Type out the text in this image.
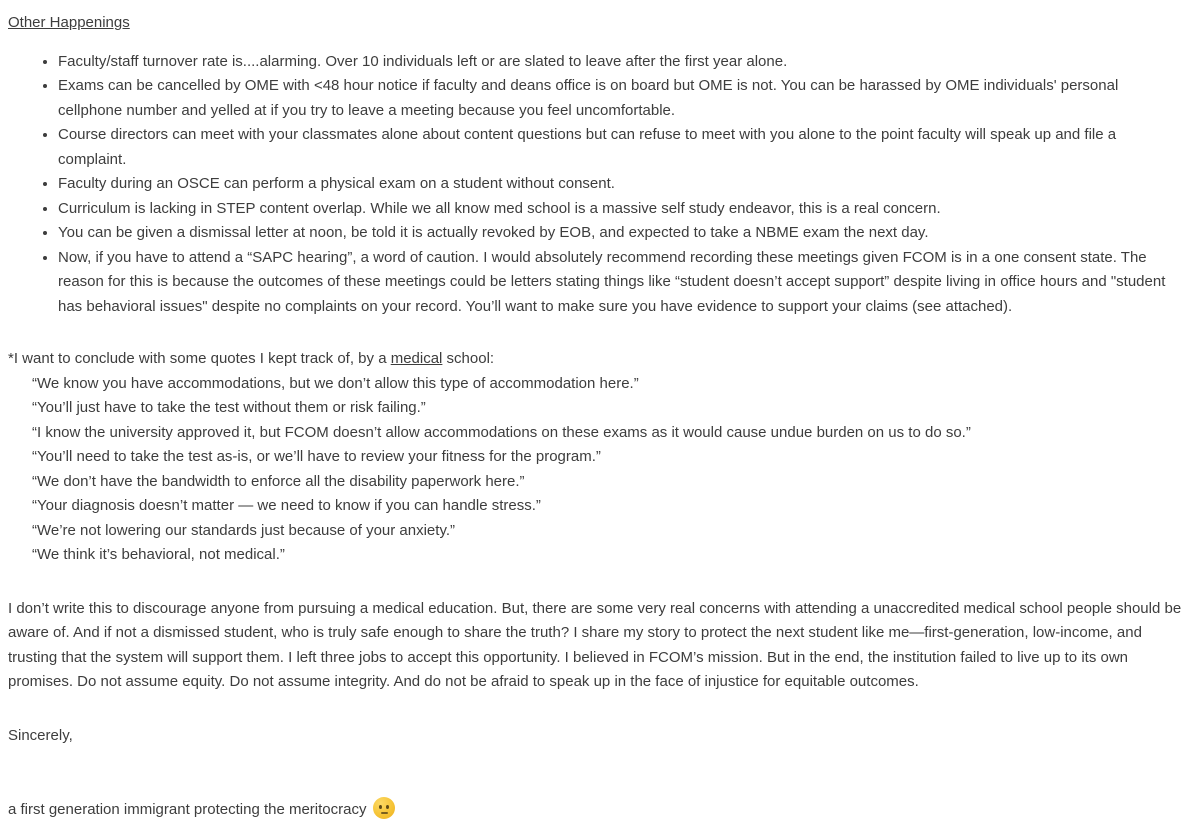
Other Happenings
• Faculty/staff turnover rate is....alarming. Over 10 individuals left or are slated to leave after the first year alone.
• Exams can be cancelled by OME with <48 hour notice if faculty and deans office is on board but OME is not. You can be harassed by OME individuals' personal cellphone number and yelled at if you try to leave a meeting because you feel uncomfortable.
• Course directors can meet with your classmates alone about content questions but can refuse to meet with you alone to the point faculty will speak up and file a complaint.
• Faculty during an OSCE can perform a physical exam on a student without consent.
• Curriculum is lacking in STEP content overlap. While we all know med school is a massive self study endeavor, this is a real concern.
• You can be given a dismissal letter at noon, be told it is actually revoked by EOB, and expected to take a NBME exam the next day.
• Now, if you have to attend a “SAPC hearing”, a word of caution. I would absolutely recommend recording these meetings given FCOM is in a one consent state. The reason for this is because the outcomes of these meetings could be letters stating things like “student doesn’t accept support” despite living in office hours and "student has behavioral issues" despite no complaints on your record. You’ll want to make sure you have evidence to support your claims (see attached).
*I want to conclude with some quotes I kept track of, by a medical school:
“We know you have accommodations, but we don’t allow this type of accommodation here.”
“You’ll just have to take the test without them or risk failing.”
“I know the university approved it, but FCOM doesn’t allow accommodations on these exams as it would cause undue burden on us to do so.”
“You’ll need to take the test as-is, or we’ll have to review your fitness for the program.”
“We don’t have the bandwidth to enforce all the disability paperwork here.”
“Your diagnosis doesn’t matter — we need to know if you can handle stress.”
“We’re not lowering our standards just because of your anxiety.”
“We think it’s behavioral, not medical.”
I don’t write this to discourage anyone from pursuing a medical education. But, there are some very real concerns with attending a unaccredited medical school people should be aware of. And if not a dismissed student, who is truly safe enough to share the truth? I share my story to protect the next student like me—first-generation, low-income, and trusting that the system will support them. I left three jobs to accept this opportunity. I believed in FCOM’s mission. But in the end, the institution failed to live up to its own promises. Do not assume equity. Do not assume integrity. And do not be afraid to speak up in the face of injustice for equitable outcomes.
Sincerely,
a first generation immigrant protecting the meritocracy
